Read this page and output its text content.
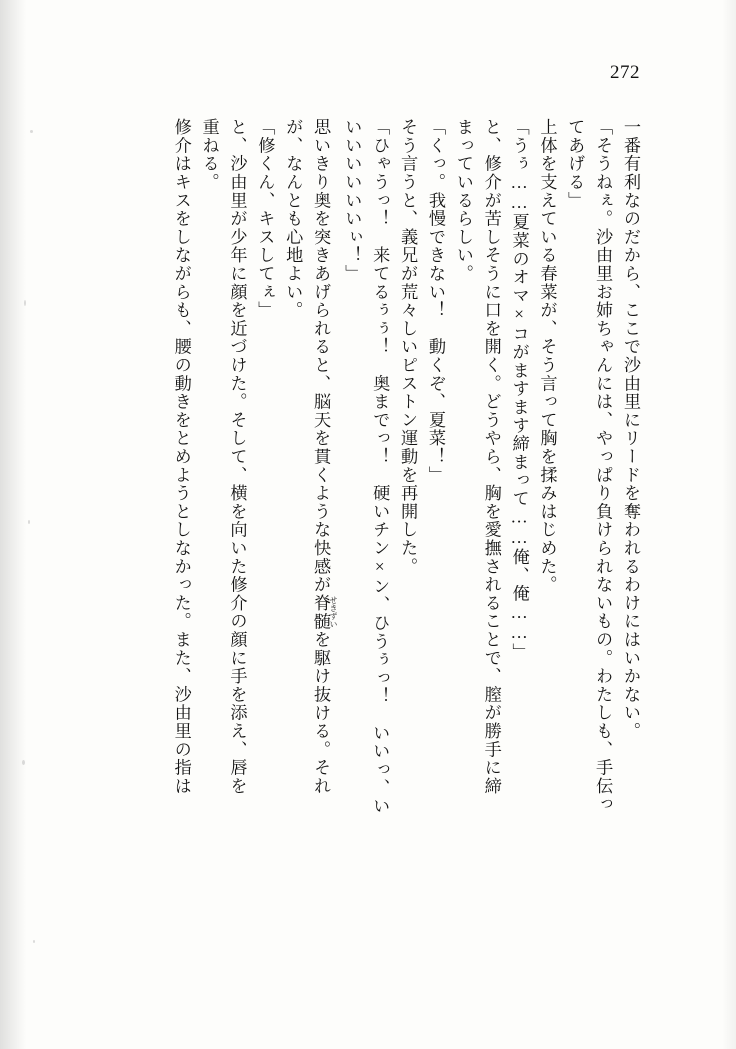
272

一番有利なのだから、ここで沙由里にリードを奪われるわけにはいかない。

「そうねぇ。沙由里お姉ちゃんには、やっぱり負けられないもの。わたしも、手伝っ

てあげる」

上体を支えている春菜が、そう言って胸を揉みはじめた。

「うぅ……夏菜のオマ×コがますます締まって……俺、俺……」

と、修介が苦しそうに口を開く。どうやら、胸を愛撫されることで、膣が勝手に締

まっているらしい。

「くっ。我慢できない！　動くぞ、夏菜！」

そう言うと、義兄が荒々しいピストン運動を再開した。

「ひゃうっ！　来てるぅぅ！　奥までっ！　硬いチン×ン、ひうぅっ！　いいっ、い

いいいいいいぃ！」

思いきり奥を突きあげられると、脳天を貫くような快感が脊髄 せきずいを駆け抜ける。それ

が、なんとも心地よい。

「修くん、キスしてぇ」

と、沙由里が少年に顔を近づけた。そして、横を向いた修介の顔に手を添え、唇を

重ねる。

修介はキスをしながらも、腰の動きをとめようとしなかった。また、沙由里の指は
